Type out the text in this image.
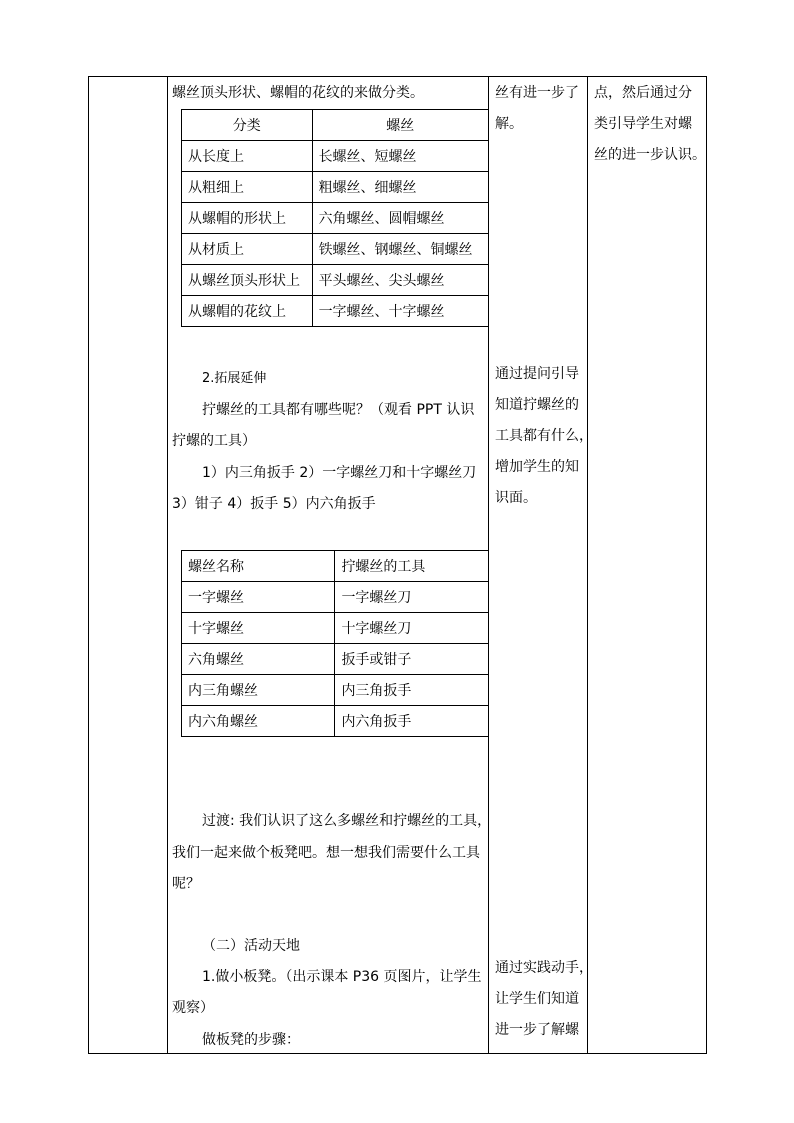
螺丝顶头形状、螺帽的花纹的来做分类。
分类	螺丝
从长度上	长螺丝、短螺丝
从粗细上	粗螺丝、细螺丝
从螺帽的形状上	六角螺丝、圆帽螺丝
从材质上	铁螺丝、钢螺丝、铜螺丝
从螺丝顶头形状上	平头螺丝、尖头螺丝
从螺帽的花纹上	一字螺丝、十字螺丝
2.拓展延伸
拧螺丝的工具都有哪些呢？（观看 PPT 认识
拧螺的工具）
1）内三角扳手 2）一字螺丝刀和十字螺丝刀
3）钳子 4）扳手 5）内六角扳手
螺丝名称	拧螺丝的工具
一字螺丝	一字螺丝刀
十字螺丝	十字螺丝刀
六角螺丝	扳手或钳子
内三角螺丝	内三角扳手
内六角螺丝	内六角扳手
过渡: 我们认识了这么多螺丝和拧螺丝的工具，
我们一起来做个板凳吧。想一想我们需要什么工具
呢？
（二）活动天地
1.做小板凳。（出示课本 P36 页图片，让学生
观察）
做板凳的步骤：
丝有进一步了
解。
通过提问引导
知道拧螺丝的
工具都有什么，
增加学生的知
识面。
通过实践动手，
让学生们知道
进一步了解螺
点，然后通过分
类引导学生对螺
丝的进一步认识。
